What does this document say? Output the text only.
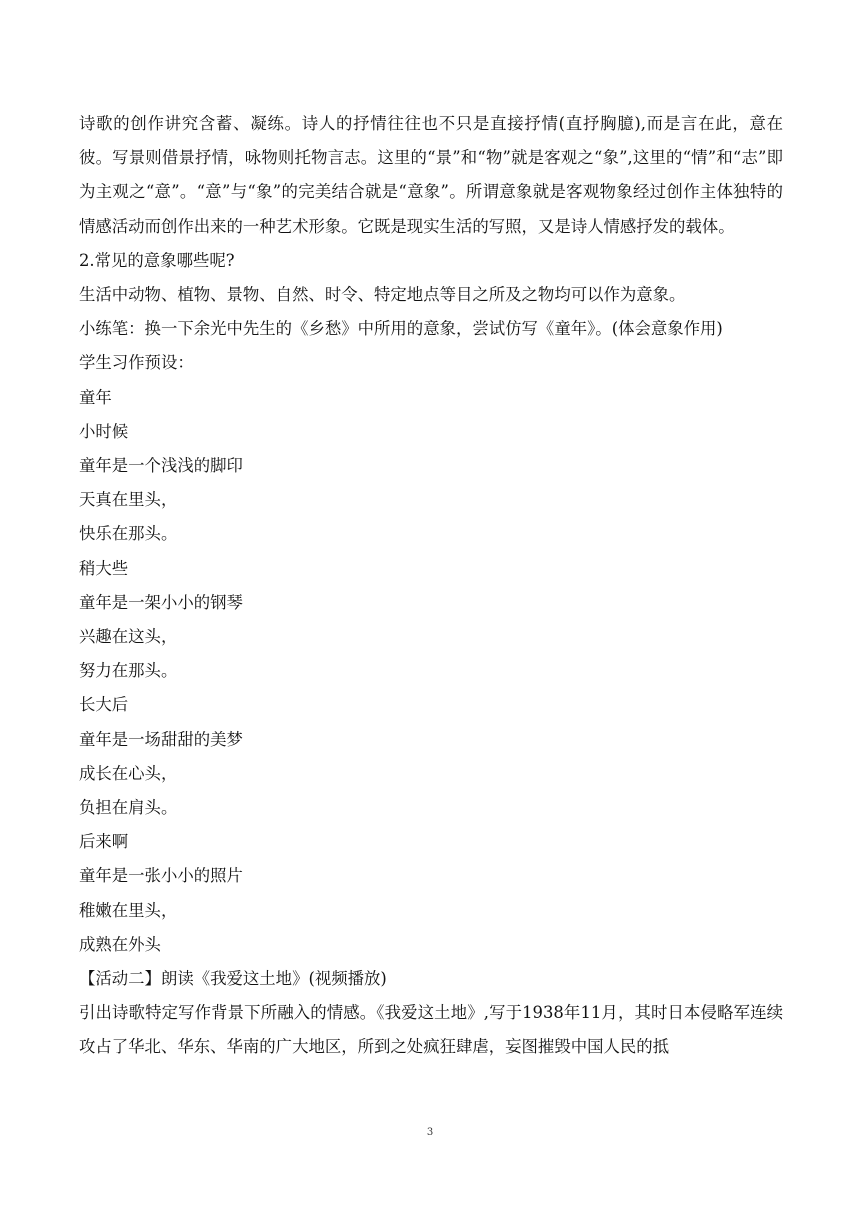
诗歌的创作讲究含蓄、凝练。诗人的抒情往往也不只是直接抒情(直抒胸臆),而是言在此，意在彼。写景则借景抒情，咏物则托物言志。这里的“景”和“物”就是客观之“象”,这里的“情”和“志”即为主观之“意”。“意”与“象”的完美结合就是“意象”。所谓意象就是客观物象经过创作主体独特的情感活动而创作出来的一种艺术形象。它既是现实生活的写照，又是诗人情感抒发的载体。

2.常见的意象哪些呢?

生活中动物、植物、景物、自然、时令、特定地点等目之所及之物均可以作为意象。

小练笔：换一下余光中先生的《乡愁》中所用的意象，尝试仿写《童年》。(体会意象作用)

学生习作预设：

童年

小时候

童年是一个浅浅的脚印

天真在里头，

快乐在那头。

稍大些

童年是一架小小的钢琴

兴趣在这头，

努力在那头。

长大后

童年是一场甜甜的美梦

成长在心头，

负担在肩头。

后来啊

童年是一张小小的照片

稚嫩在里头，

成熟在外头

【活动二】朗读《我爱这土地》(视频播放)

引出诗歌特定写作背景下所融入的情感。《我爱这土地》,写于1938年11月，其时日本侵略军连续攻占了华北、华东、华南的广大地区，所到之处疯狂肆虐，妄图摧毁中国人民的抵

3
